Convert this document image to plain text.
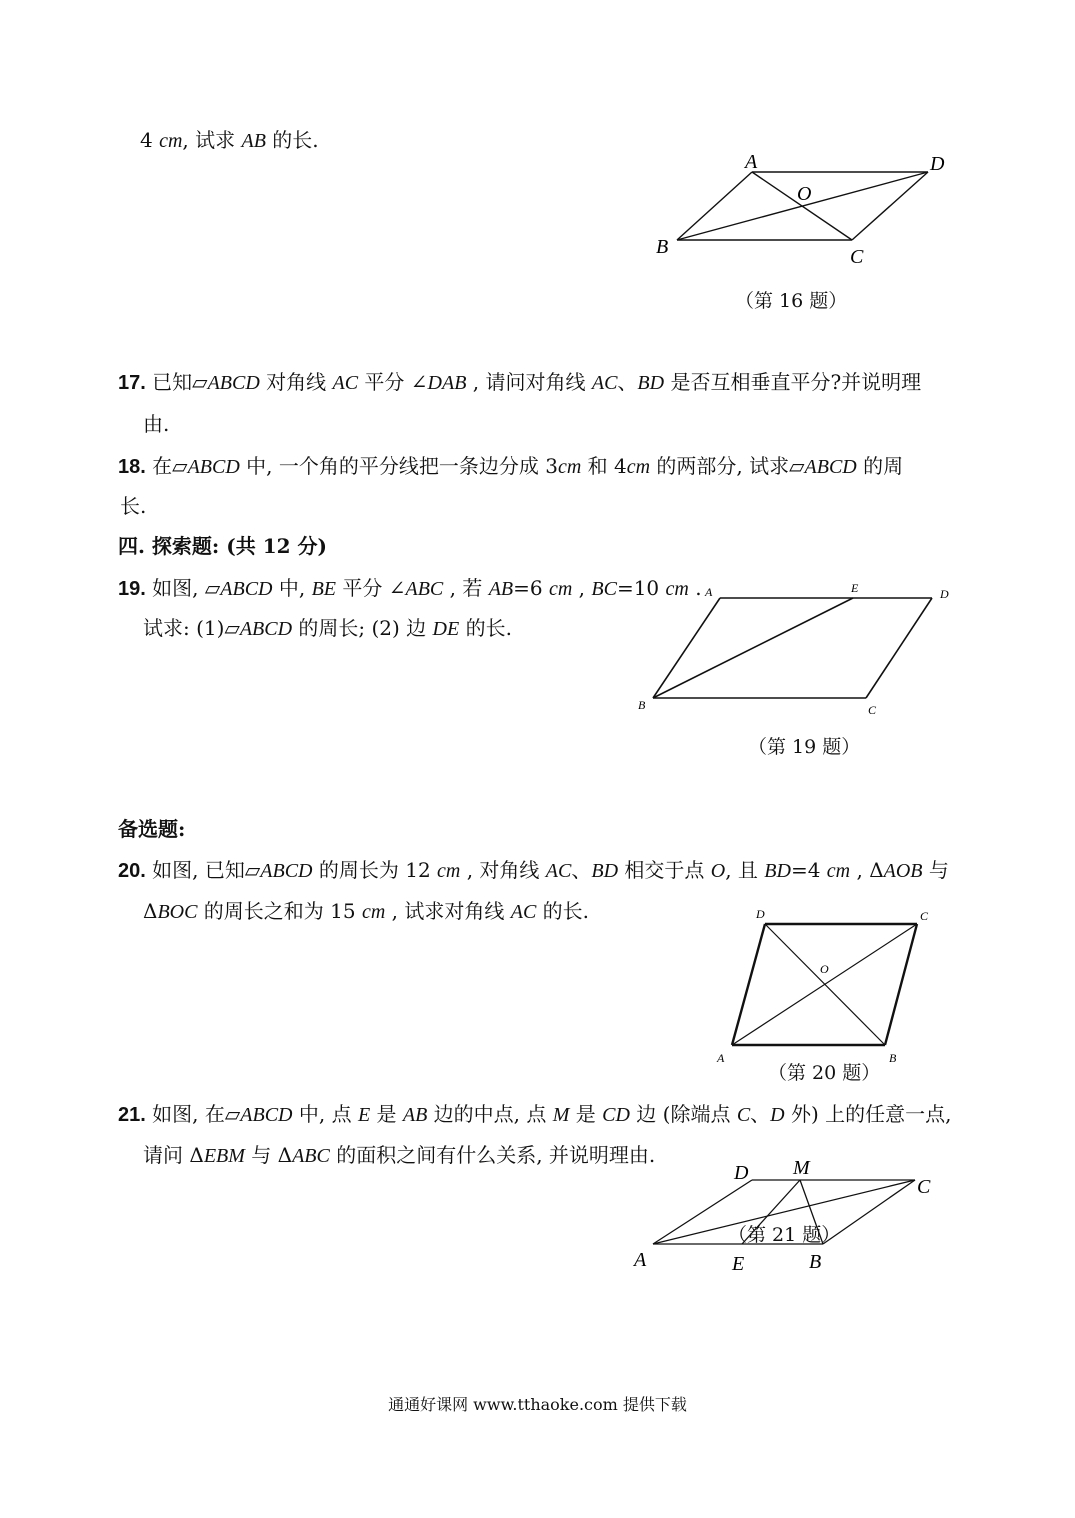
4 cm, 试求 AB 的长.
A	D
O
B	C
（第 16 题）
17. 已知▱ABCD 对角线 AC 平分 ∠DAB , 请问对角线 AC、BD 是否互相垂直平分?并说明理
由.
18. 在▱ABCD 中, 一个角的平分线把一条边分成 3cm 和 4cm 的两部分, 试求▱ABCD 的周
长.
四. 探索题: (共 12 分)
19. 如图, ▱ABCD 中, BE 平分 ∠ABC , 若 AB=6 cm , BC=10 cm .
试求: (1)▱ABCD 的周长; (2) 边 DE 的长.
A	E	D
B	C
（第 19 题）
备选题:
20. 如图, 已知▱ABCD 的周长为 12 cm , 对角线 AC、BD 相交于点 O, 且 BD=4 cm , ΔAOB 与
ΔBOC 的周长之和为 15 cm , 试求对角线 AC 的长.	D	C
O
A	B
（第 20 题）
21. 如图, 在▱ABCD 中, 点 E 是 AB 边的中点, 点 M 是 CD 边 (除端点 C、D 外) 上的任意一点,
请问 ΔEBM 与 ΔABC 的面积之间有什么关系, 并说明理由.
D M
C
A	E	B
（第 21 题）
通通好课网 www.tthaoke.com 提供下载
